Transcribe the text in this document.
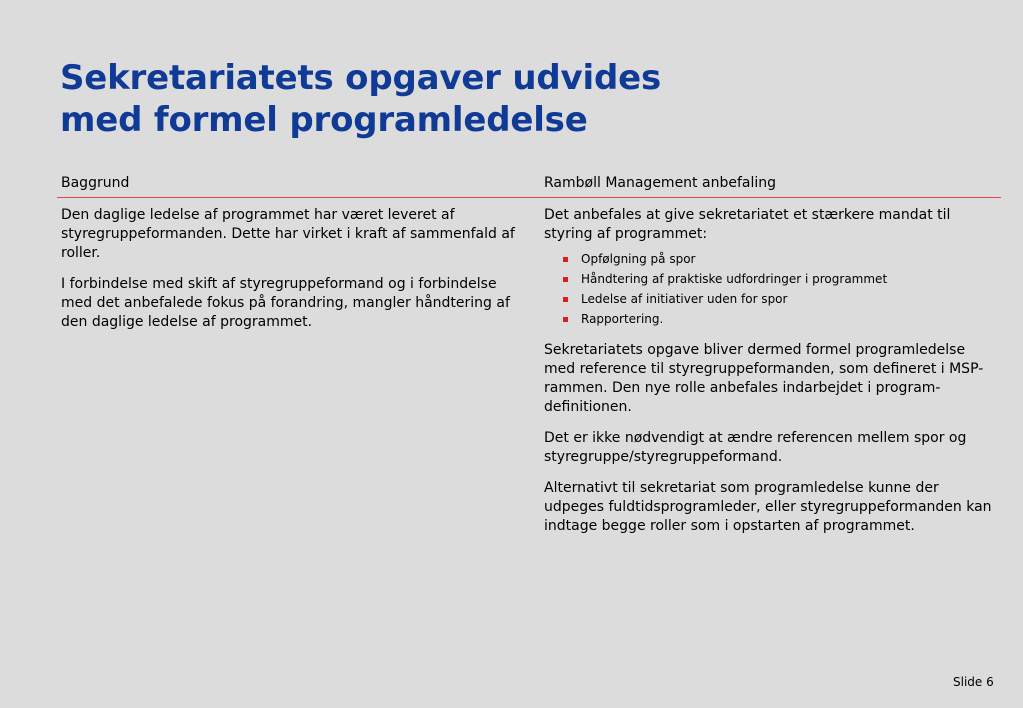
Sekretariatets opgaver udvides
med formel programledelse
Baggrund	Rambøll Management anbefaling

Den daglige ledelse af programmet har været leveret af styregruppeformanden. Dette har virket i kraft af sammenfald af roller.

I forbindelse med skift af styregruppeformand og i forbindelse med det anbefalede fokus på forandring, mangler håndtering af den daglige ledelse af programmet.

Det anbefales at give sekretariatet et stærkere mandat til styring af programmet:

Opfølgning på spor
Håndtering af praktiske udfordringer i programmet
Ledelse af initiativer uden for spor
Rapportering.

Sekretariatets opgave bliver dermed formel programledelse med reference til styregruppeformanden, som defineret i MSP-rammen. Den nye rolle anbefales indarbejdet i program-definitionen.

Det er ikke nødvendigt at ændre referencen mellem spor og styregruppe/styregruppeformand.

Alternativt til sekretariat som programledelse kunne der udpeges fuldtidsprogramleder, eller styregruppeformanden kan indtage begge roller som i opstarten af programmet.

Slide 6
